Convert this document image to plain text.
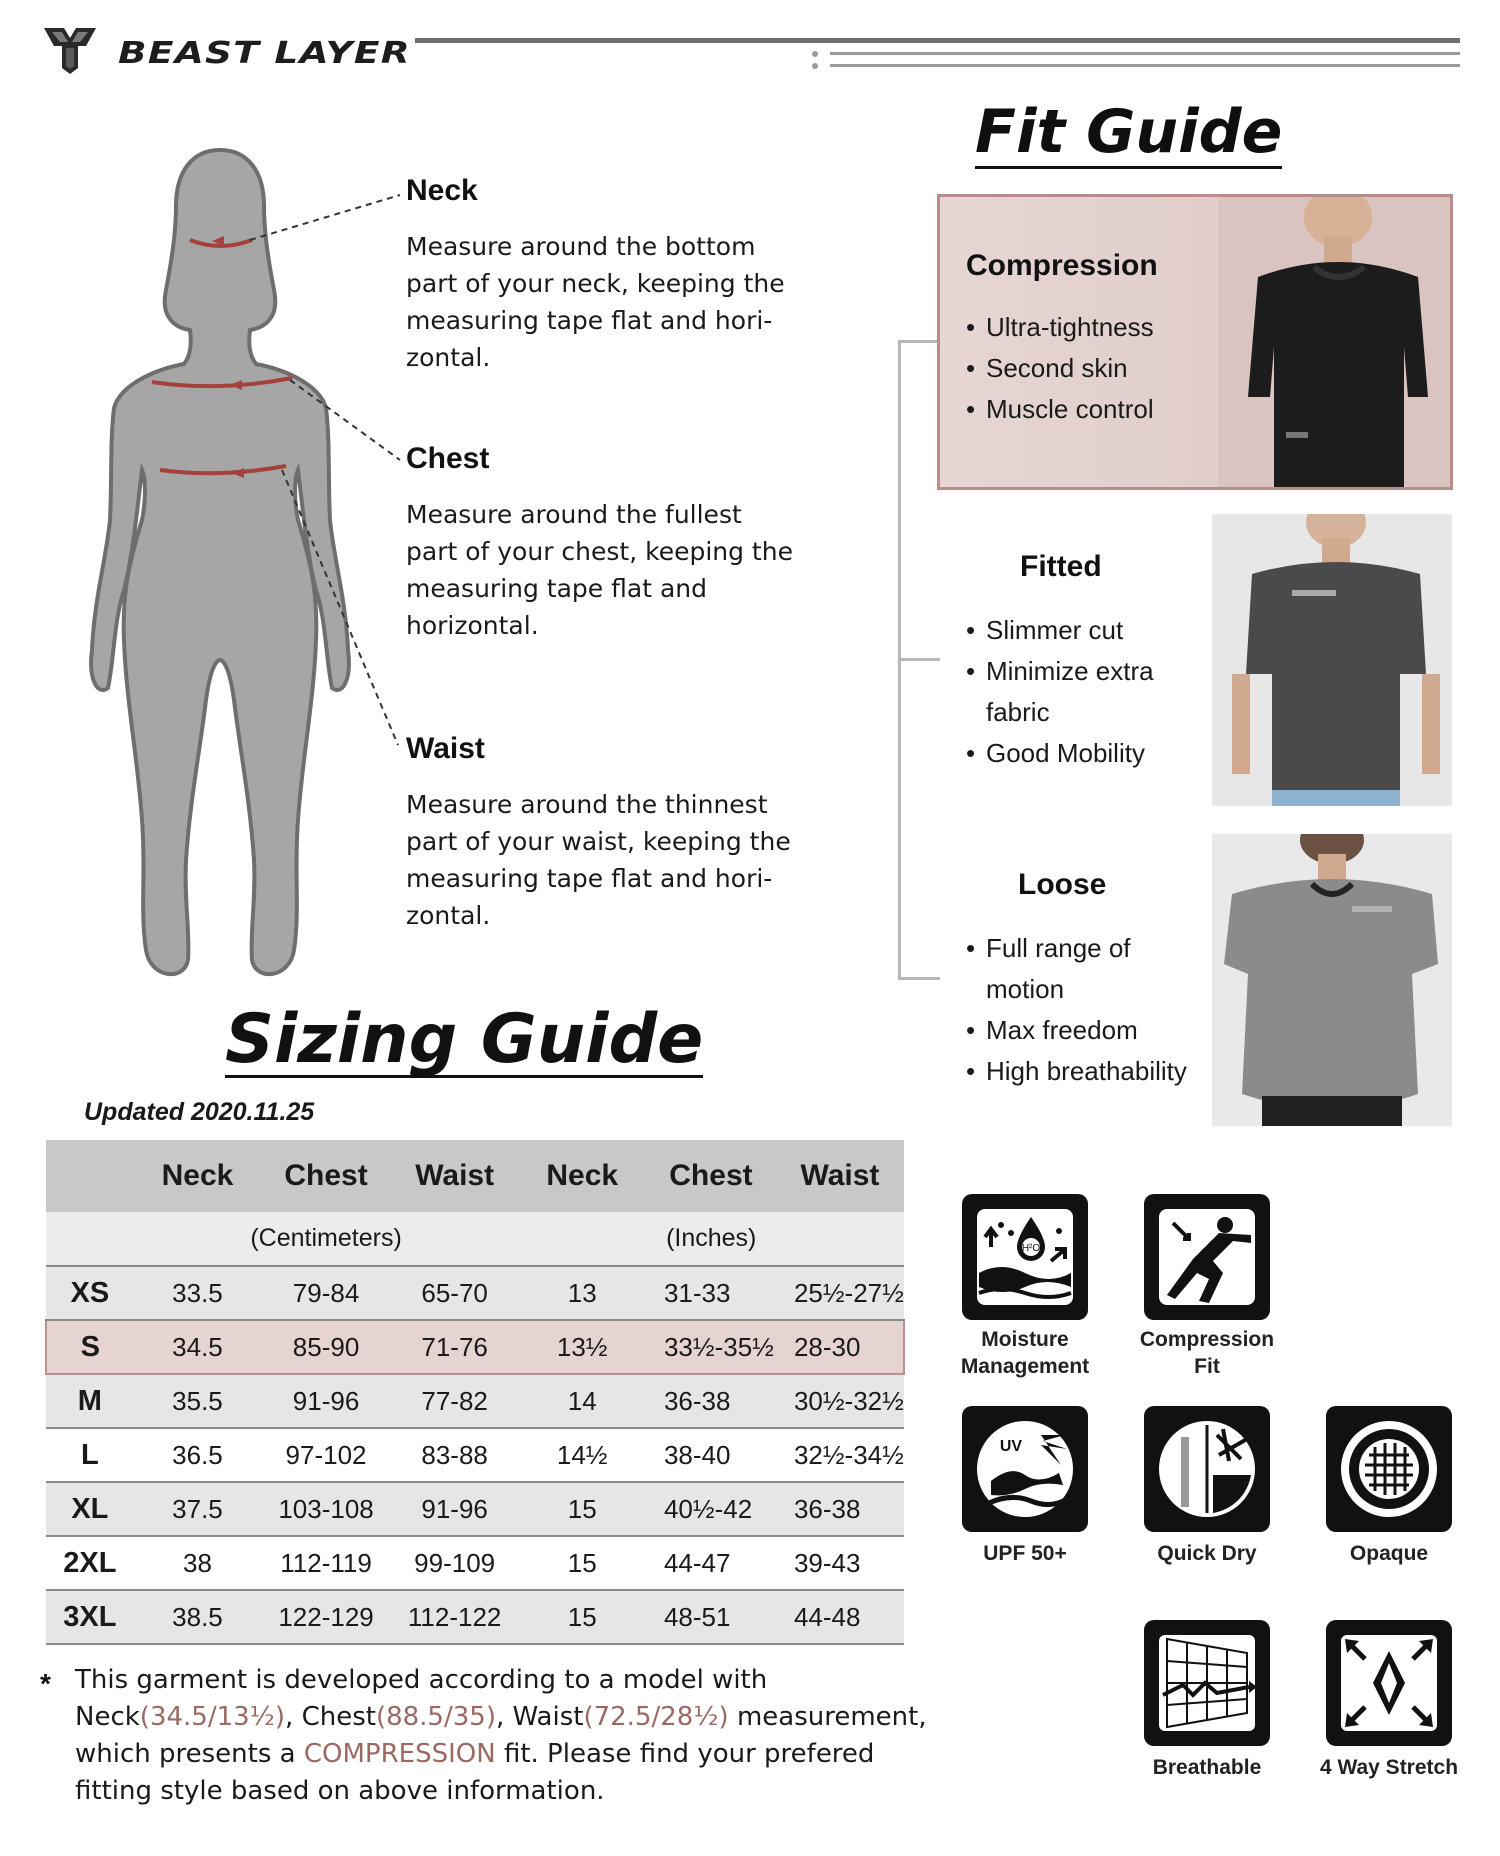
BEAST LAYER
Neck
Measure around the bottom
part of your neck, keeping the
measuring tape flat and hori-
zontal.
Chest
Measure around the fullest
part of your chest, keeping the
measuring tape flat and
horizontal.
Waist
Measure around the thinnest
part of your waist, keeping the
measuring tape flat and hori-
zontal.
Fit Guide
Compression
• Ultra-tightness
• Second skin
• Muscle control
Fitted
• Slimmer cut
• Minimize extra
fabric
• Good Mobility
Loose
• Full range of
motion
• Max freedom
• High breathability
Sizing Guide
Updated 2020.11.25
	Neck	Chest	Waist	Neck	Chest	Waist
	(Centimeters)			(Inches)		
XS	33.5	79-84	65-70	13	31-33	25½-27½
S	34.5	85-90	71-76	13½	33½-35½	28-30
M	35.5	91-96	77-82	14	36-38	30½-32½
L	36.5	97-102	83-88	14½	38-40	32½-34½
XL	37.5	103-108	91-96	15	40½-42	36-38
2XL	38	112-119	99-109	15	44-47	39-43
3XL	38.5	122-129	112-122	15	48-51	44-48
* This garment is developed according to a model with
Neck(34.5/13½), Chest(88.5/35), Waist(72.5/28½) measurement,
which presents a COMPRESSION fit. Please find your prefered
fitting style based on above information.
H²O
Moisture
Management
Compression
Fit
UV
UPF 50+	Quick Dry	Opaque
Breathable	4 Way Stretch
